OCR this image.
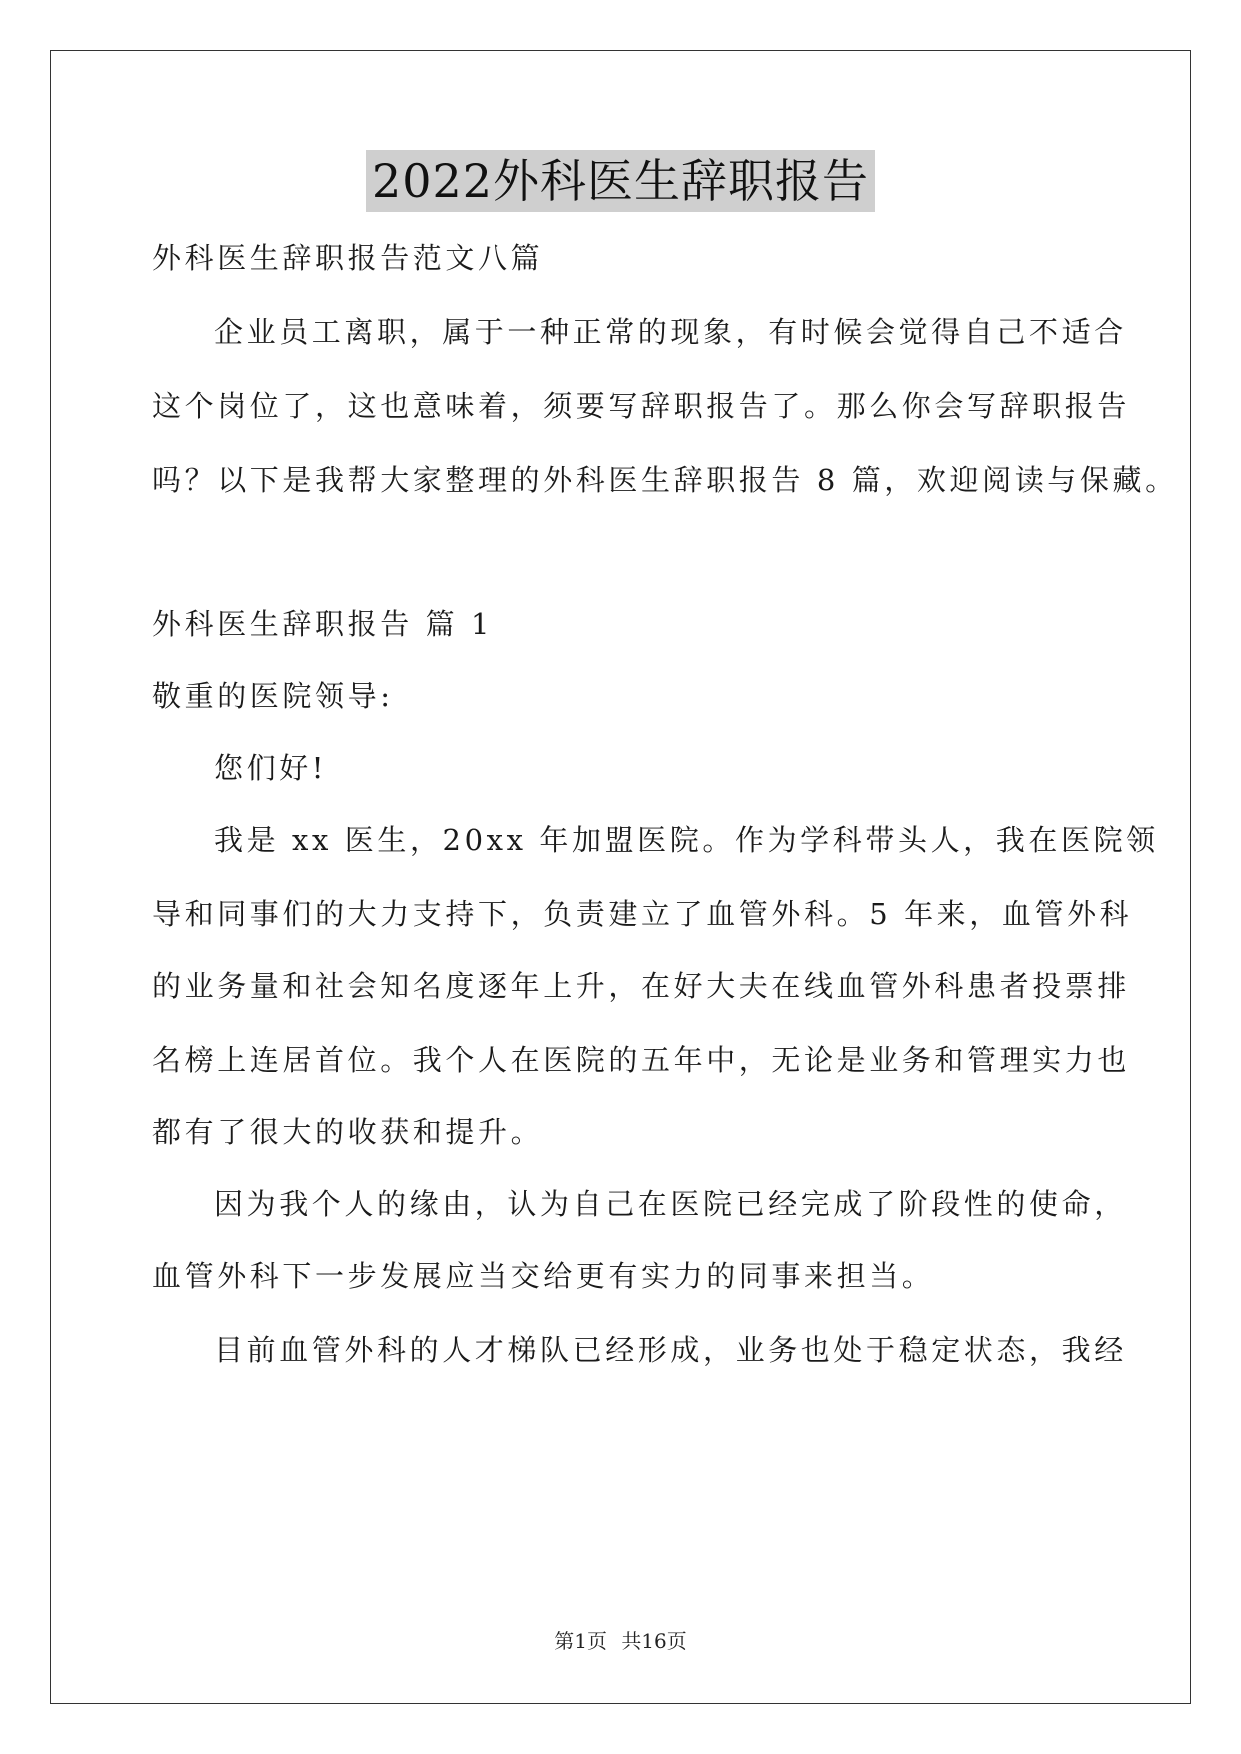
2022外科医生辞职报告
外科医生辞职报告范文八篇
企业员工离职，属于一种正常的现象，有时候会觉得自己不适合
这个岗位了，这也意味着，须要写辞职报告了。那么你会写辞职报告
吗？以下是我帮大家整理的外科医生辞职报告 8 篇，欢迎阅读与保藏。
外科医生辞职报告 篇 1
敬重的医院领导:
您们好!
我是 xx 医生，20xx 年加盟医院。作为学科带头人，我在医院领
导和同事们的大力支持下，负责建立了血管外科。5 年来，血管外科
的业务量和社会知名度逐年上升，在好大夫在线血管外科患者投票排
名榜上连居首位。我个人在医院的五年中，无论是业务和管理实力也
都有了很大的收获和提升。
因为我个人的缘由，认为自己在医院已经完成了阶段性的使命，
血管外科下一步发展应当交给更有实力的同事来担当。
目前血管外科的人才梯队已经形成，业务也处于稳定状态，我经
第1页 共16页
